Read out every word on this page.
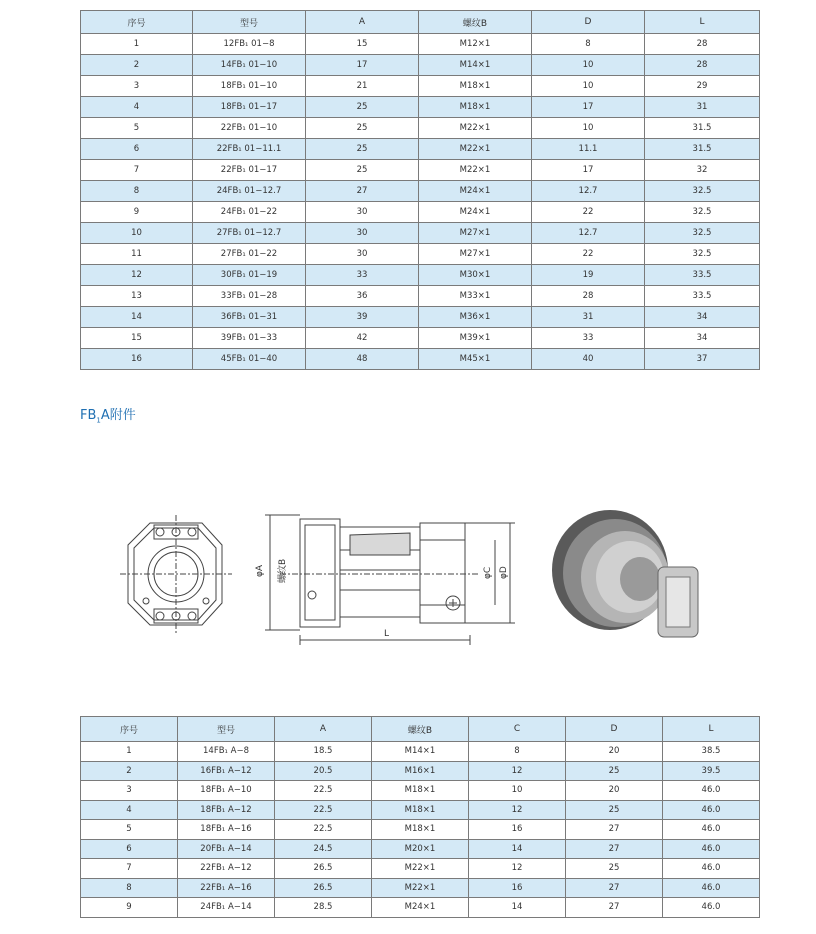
序号	型号	A	螺纹B	D	L
1	12FB₁ 01−8	15	M12×1	8	28
2	14FB₁ 01−10	17	M14×1	10	28
3	18FB₁ 01−10	21	M18×1	10	29
4	18FB₁ 01−17	25	M18×1	17	31
5	22FB₁ 01−10	25	M22×1	10	31.5
6	22FB₁ 01−11.1	25	M22×1	11.1	31.5
7	22FB₁ 01−17	25	M22×1	17	32
8	24FB₁ 01−12.7	27	M24×1	12.7	32.5
9	24FB₁ 01−22	30	M24×1	22	32.5
10	27FB₁ 01−12.7	30	M27×1	12.7	32.5
11	27FB₁ 01−22	30	M27×1	22	32.5
12	30FB₁ 01−19	33	M30×1	19	33.5
13	33FB₁ 01−28	36	M33×1	28	33.5
14	36FB₁ 01−31	39	M36×1	31	34
15	39FB₁ 01−33	42	M39×1	33	34
16	45FB₁ 01−40	48	M45×1	40	37
$FB_1A$附件
φA 螺纹B	φC φD
L
序号	型号	A	螺纹B	C	D	L
1	14FB₁ A−8	18.5	M14×1	8	20	38.5
2	16FB₁ A−12	20.5	M16×1	12	25	39.5
3	18FB₁ A−10	22.5	M18×1	10	20	46.0
4	18FB₁ A−12	22.5	M18×1	12	25	46.0
5	18FB₁ A−16	22.5	M18×1	16	27	46.0
6	20FB₁ A−14	24.5	M20×1	14	27	46.0
7	22FB₁ A−12	26.5	M22×1	12	25	46.0
8	22FB₁ A−16	26.5	M22×1	16	27	46.0
9	24FB₁ A−14	28.5	M24×1	14	27	46.0
